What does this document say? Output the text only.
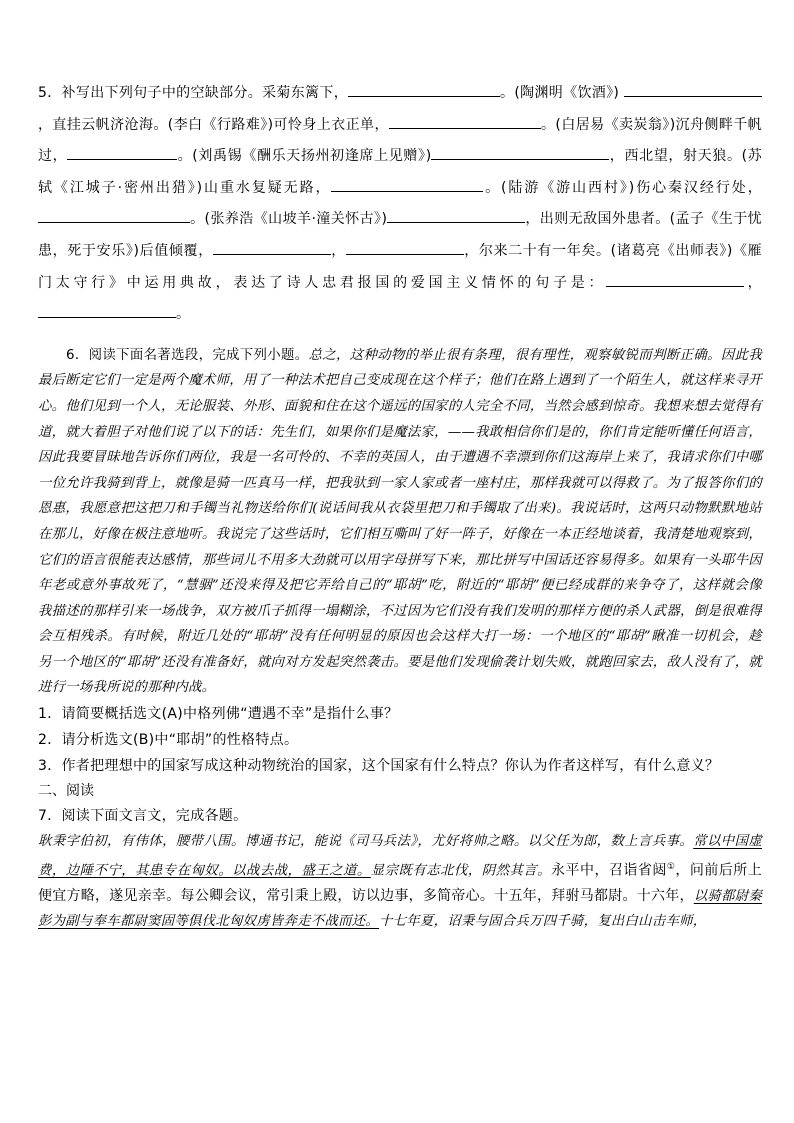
5．补写出下列句子中的空缺部分。采菊东篱下，	。(陶渊明《饮酒》) ，直挂云帆济沧海。(李白《行路难》)可怜身上衣正单，	。(白居易《卖炭翁》)沉舟侧畔千帆过，	。(刘禹锡《酬乐天扬州初逢席上见赠》)	，西北望，射天狼。(苏轼《江城子·密州出猎》)山重水复疑无路，	。(陆游《游山西村》)伤心秦汉经行处，。(张养浩《山坡羊·潼关怀古》)	，出则无敌国外患者。(孟子《生于忧患，死于安乐》)后值倾覆，	，	，尔来二十有一年矣。(诸葛亮《出师表》)《雁门太守行》中运用典故，表达了诗人忠君报国的爱国主义情怀的句子是：	， 。
6．阅读下面名著选段，完成下列小题。总之，这种动物的举止很有条理，很有理性，观察敏锐而判断正确。因此我最后断定它们一定是两个魔术师，用了一种法术把自己变成现在这个样子；他们在路上遇到了一个陌生人，就这样来寻开心。他们见到一个人，无论服装、外形、面貌和住在这个遥远的国家的人完全不同，当然会感到惊奇。我想来想去觉得有道，就大着胆子对他们说了以下的话：先生们，如果你们是魔法家，——我敢相信你们是的，你们肯定能听懂任何语言，因此我要冒昧地告诉你们两位，我是一名可怜的、不幸的英国人，由于遭遇不幸漂到你们这海岸上来了，我请求你们中哪一位允许我骑到背上，就像是骑一匹真马一样，把我驮到一家人家或者一座村庄，那样我就可以得救了。为了报答你们的恩惠，我愿意把这把刀和手镯当礼物送给你们(说话间我从衣袋里把刀和手镯取了出来)。我说话时，这两只动物默默地站在那儿，好像在极注意地听。我说完了这些话时，它们相互嘶叫了好一阵子，好像在一本正经地谈着，我清楚地观察到，它们的语言很能表达感情，那些词儿不用多大劲就可以用字母拼写下来，那比拼写中国话还容易得多。如果有一头耶牛因年老或意外事故死了，“慧骃”还没来得及把它弄给自己的“耶胡”吃，附近的“耶胡”便已经成群的来争夺了，这样就会像我描述的那样引来一场战争，双方被爪子抓得一塌糊涂，不过因为它们没有我们发明的那样方便的杀人武器，倒是很难得会互相残杀。有时候，附近几处的“耶胡”没有任何明显的原因也会这样大打一场：一个地区的“耶胡”瞅准一切机会，趁另一个地区的“耶胡”还没有准备好，就向对方发起突然袭击。要是他们发现偷袭计划失败，就跑回家去，敌人没有了，就进行一场我所说的那种内战。
1．请简要概括选文(A)中格列佛“遭遇不幸”是指什么事？
2．请分析选文(B)中“耶胡”的性格特点。
3．作者把理想中的国家写成这种动物统治的国家，这个国家有什么特点？你认为作者这样写，有什么意义？
二、阅读
7．阅读下面文言文，完成各题。
耿秉字伯初，有伟体，腰带八围。博通书记，能说《司马兵法》，尤好将帅之略。以父任为郎，数上言兵事。常以中国虚费，边陲不宁，其患专在匈奴。以战去战，盛王之道。显宗既有志北伐，阴然其言。永平中，召诣省闼①，问前后所上便宜方略，遂见亲幸。每公卿会议，常引秉上殿，访以边事，多简帝心。十五年，拜驸马都尉。十六年，以骑都尉秦彭为副与奉车都尉窦固等俱伐北匈奴虏皆奔走不战而还。十七年夏，诏秉与固合兵万四千骑，复出白山击车师，
